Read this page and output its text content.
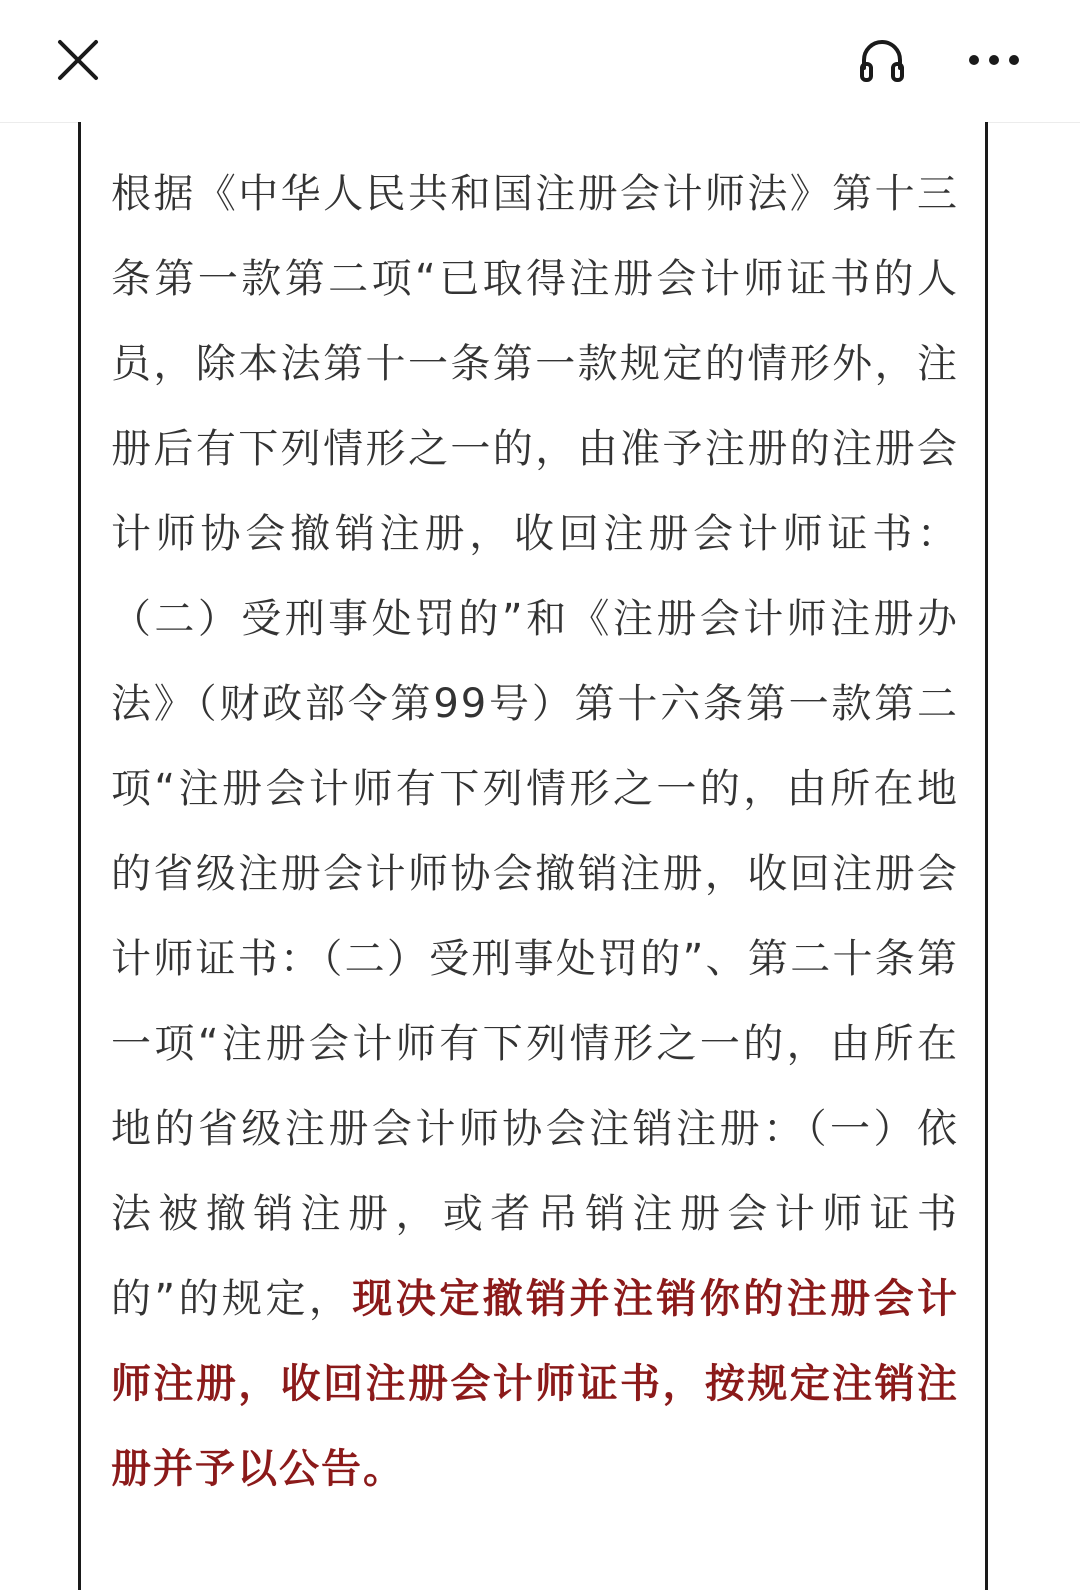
根据《中华人民共和国注册会计师法》第十三条第一款第二项“已取得注册会计师证书的人员，除本法第十一条第一款规定的情形外，注册后有下列情形之一的，由准予注册的注册会计师协会撤销注册，收回注册会计师证书：（二）受刑事处罚的”和《注册会计师注册办法》（财政部令第99号）第十六条第一款第二项“注册会计师有下列情形之一的，由所在地的省级注册会计师协会撤销注册，收回注册会计师证书：（二）受刑事处罚的”、第二十条第一项“注册会计师有下列情形之一的，由所在地的省级注册会计师协会注销注册：（一）依法被撤销注册，或者吊销注册会计师证书的”的规定，现决定撤销并注销你的注册会计师注册，收回注册会计师证书，按规定注销注册并予以公告。
